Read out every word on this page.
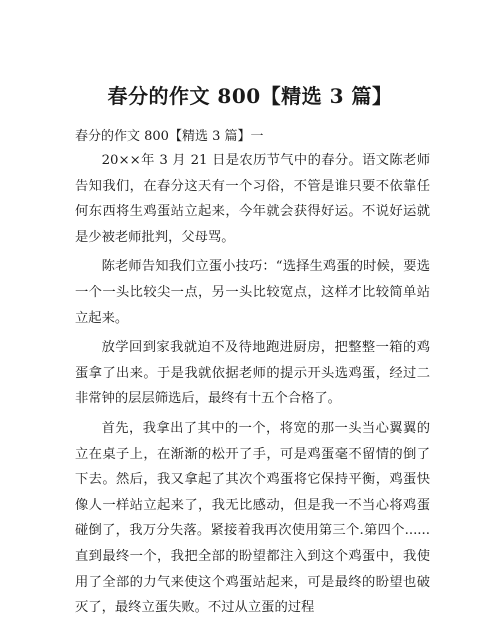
春分的作文 800【精选 3 篇】
春分的作文 800【精选 3 篇】一

20××年 3 月 21 日是农历节气中的春分。语文陈老师告知我们，在春分这天有一个习俗，不管是谁只要不依靠任何东西将生鸡蛋站立起来，今年就会获得好运。不说好运就是少被老师批判，父母骂。

陈老师告知我们立蛋小技巧：“选择生鸡蛋的时候，要选一个一头比较尖一点，另一头比较宽点，这样才比较简单站立起来。

放学回到家我就迫不及待地跑进厨房，把整整一箱的鸡蛋拿了出来。于是我就依据老师的提示开头选鸡蛋，经过二非常钟的层层筛选后，最终有十五个合格了。

首先，我拿出了其中的一个，将宽的那一头当心翼翼的立在桌子上，在渐渐的松开了手，可是鸡蛋毫不留情的倒了下去。然后，我又拿起了其次个鸡蛋将它保持平衡，鸡蛋快像人一样站立起来了，我无比感动，但是我一不当心将鸡蛋碰倒了，我万分失落。紧接着我再次使用第三个.第四个......直到最终一个，我把全部的盼望都注入到这个鸡蛋中，我使用了全部的力气来使这个鸡蛋站起来，可是最终的盼望也破灭了，最终立蛋失败。不过从立蛋的过程
